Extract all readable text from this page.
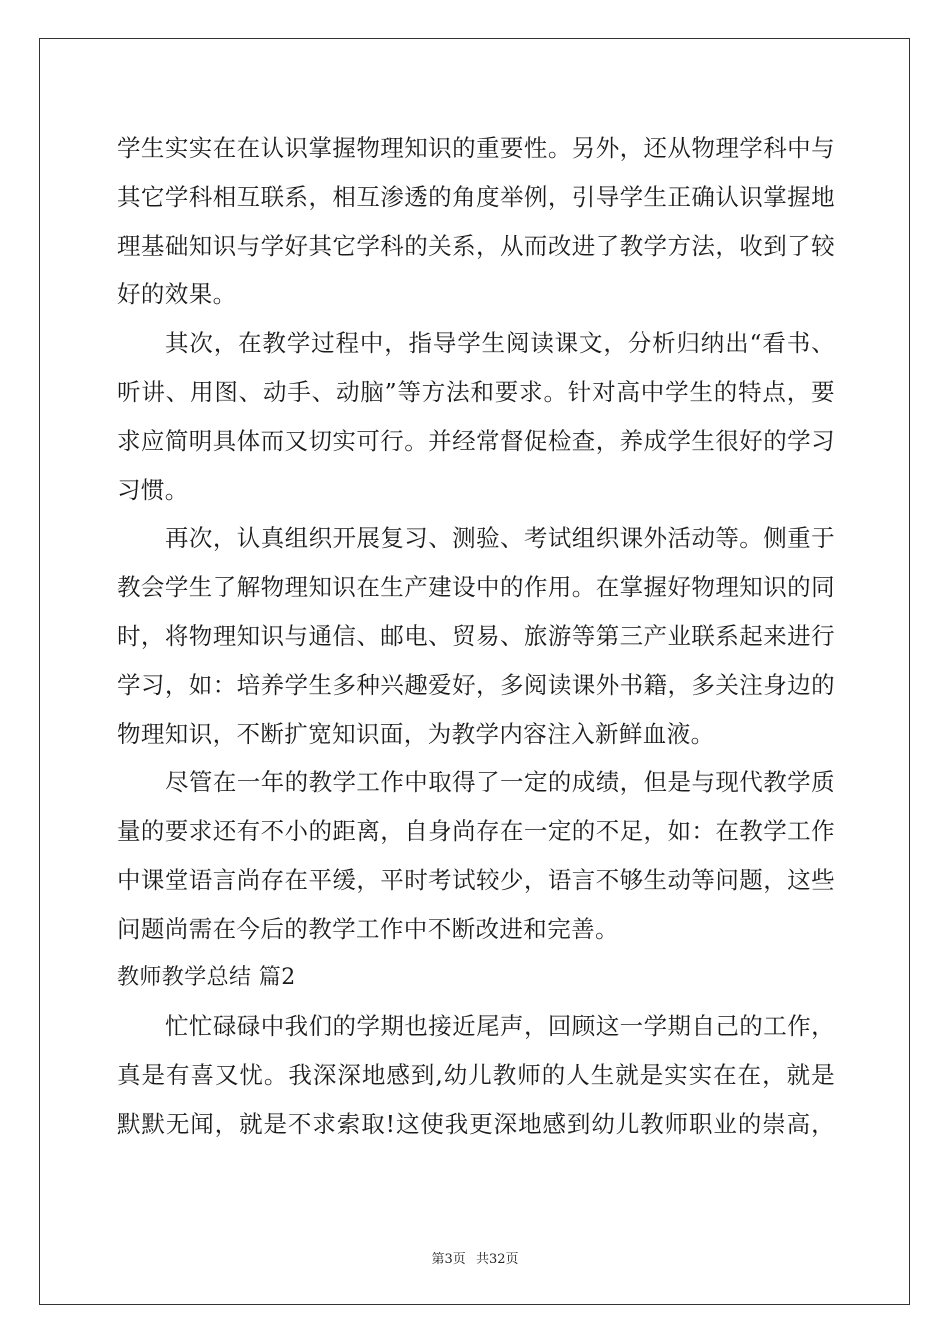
学生实实在在认识掌握物理知识的重要性。另外，还从物理学科中与
其它学科相互联系，相互渗透的角度举例，引导学生正确认识掌握地
理基础知识与学好其它学科的关系，从而改进了教学方法，收到了较
好的效果。
其次，在教学过程中，指导学生阅读课文，分析归纳出“看书、
听讲、用图、动手、动脑”等方法和要求。针对高中学生的特点，要
求应简明具体而又切实可行。并经常督促检查，养成学生很好的学习
习惯。
再次，认真组织开展复习、测验、考试组织课外活动等。侧重于
教会学生了解物理知识在生产建设中的作用。在掌握好物理知识的同
时，将物理知识与通信、邮电、贸易、旅游等第三产业联系起来进行
学习，如：培养学生多种兴趣爱好，多阅读课外书籍，多关注身边的
物理知识，不断扩宽知识面，为教学内容注入新鲜血液。
尽管在一年的教学工作中取得了一定的成绩，但是与现代教学质
量的要求还有不小的距离，自身尚存在一定的不足，如：在教学工作
中课堂语言尚存在平缓，平时考试较少，语言不够生动等问题，这些
问题尚需在今后的教学工作中不断改进和完善。
教师教学总结 篇2
忙忙碌碌中我们的学期也接近尾声，回顾这一学期自己的工作，
真是有喜又忧。我深深地感到,幼儿教师的人生就是实实在在，就是
默默无闻，就是不求索取!这使我更深地感到幼儿教师职业的崇高，
第3页 共32页
